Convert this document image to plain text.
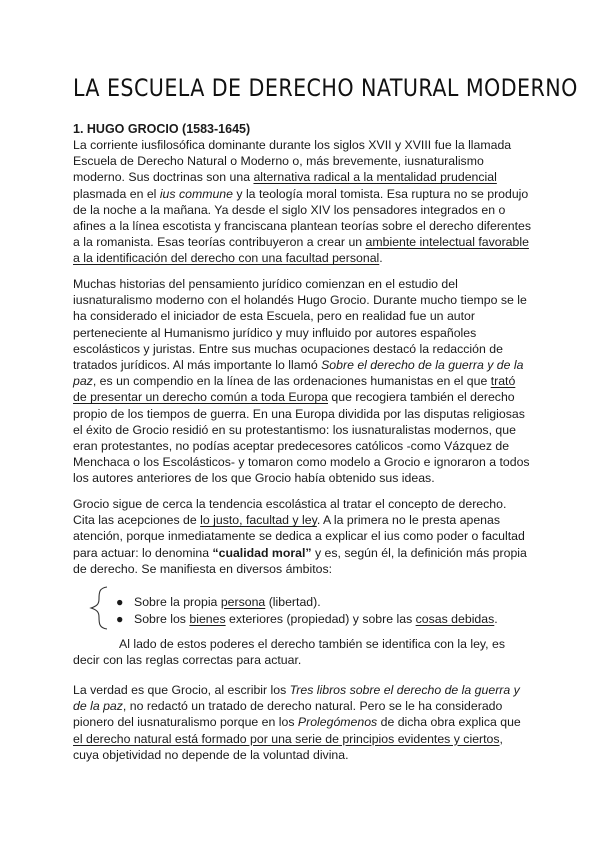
LA ESCUELA DE DERECHO NATURAL MODERNO
1. HUGO GROCIO (1583-1645)

La corriente iusfilosófica dominante durante los siglos XVII y XVIII fue la llamada Escuela de Derecho Natural o Moderno o, más brevemente, iusnaturalismo moderno. Sus doctrinas son una alternativa radical a la mentalidad prudencial plasmada en el ius commune y la teología moral tomista. Esa ruptura no se produjo de la noche a la mañana. Ya desde el siglo XIV los pensadores integrados en o afines a la línea escotista y franciscana plantean teorías sobre el derecho diferentes a la romanista. Esas teorías contribuyeron a crear un ambiente intelectual favorable a la identificación del derecho con una facultad personal.

Muchas historias del pensamiento jurídico comienzan en el estudio del iusnaturalismo moderno con el holandés Hugo Grocio. Durante mucho tiempo se le ha considerado el iniciador de esta Escuela, pero en realidad fue un autor perteneciente al Humanismo jurídico y muy influido por autores españoles escolásticos y juristas. Entre sus muchas ocupaciones destacó la redacción de tratados jurídicos. Al más importante lo llamó Sobre el derecho de la guerra y de la paz, es un compendio en la línea de las ordenaciones humanistas en el que trató de presentar un derecho común a toda Europa que recogiera también el derecho propio de los tiempos de guerra. En una Europa dividida por las disputas religiosas el éxito de Grocio residió en su protestantismo: los iusnaturalistas modernos, que eran protestantes, no podías aceptar predecesores católicos -como Vázquez de Menchaca o los Escolásticos- y tomaron como modelo a Grocio e ignoraron a todos los autores anteriores de los que Grocio había obtenido sus ideas.

Grocio sigue de cerca la tendencia escolástica al tratar el concepto de derecho. Cita las acepciones de lo justo, facultad y ley. A la primera no le presta apenas atención, porque inmediatamente se dedica a explicar el ius como poder o facultad para actuar: lo denomina “cualidad moral” y es, según él, la definición más propia de derecho. Se manifiesta en diversos ámbitos:

● Sobre la propia persona (libertad).
● Sobre los bienes exteriores (propiedad) y sobre las cosas debidas.

Al lado de estos poderes el derecho también se identifica con la ley, es decir con las reglas correctas para actuar.

La verdad es que Grocio, al escribir los Tres libros sobre el derecho de la guerra y de la paz, no redactó un tratado de derecho natural. Pero se le ha considerado pionero del iusnaturalismo porque en los Prolegómenos de dicha obra explica que el derecho natural está formado por una serie de principios evidentes y ciertos, cuya objetividad no depende de la voluntad divina.
